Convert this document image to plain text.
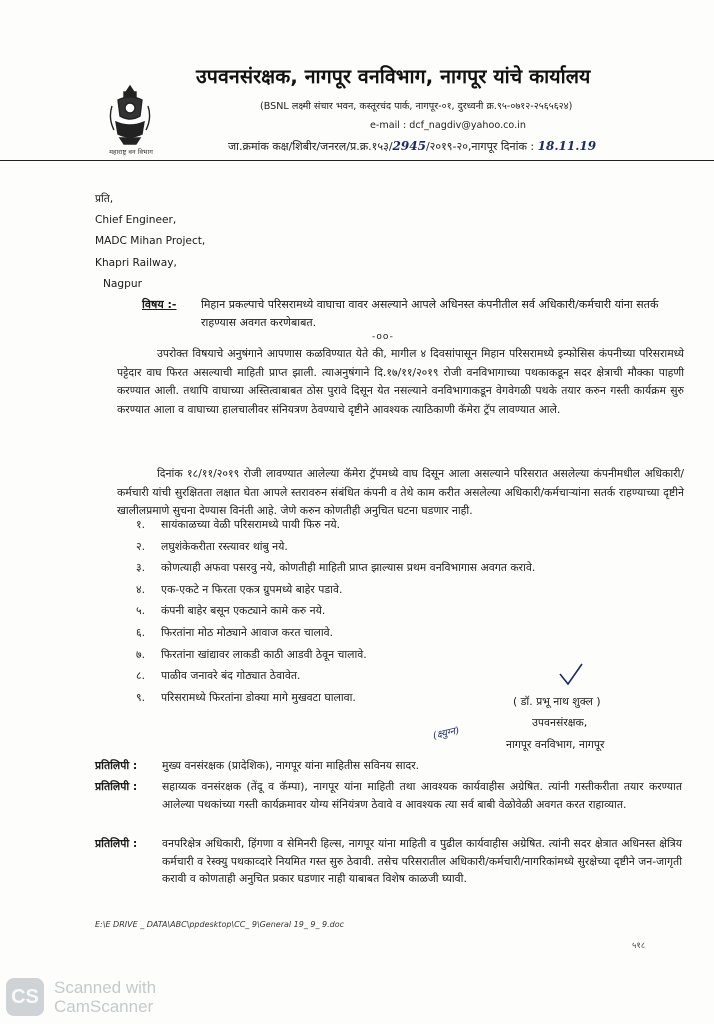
महाराष्ट्र वन विभाग
उपवनसंरक्षक, नागपूर वनविभाग, नागपूर यांचे कार्यालय
(BSNL लक्ष्मी संचार भवन, कस्तूरचंद पार्क, नागपूर-०१, दुरध्वनी क्र.९५-०७१२-२५६५६२४)
e-mail : dcf_nagdiv@yahoo.co.in
जा.क्रमांक कक्ष/शिबीर/जनरल/प्र.क्र.१५३/2945/२०१९-२०,नागपूर दिनांक : 18.11.19
प्रति,
Chief Engineer,
MADC Mihan Project,
Khapri Railway,
Nagpur
विषय :- मिहान प्रकल्पाचे परिसरामध्ये वाघाचा वावर असल्याने आपले अधिनस्त कंपनीतील सर्व अधिकारी/कर्मचारी यांना सतर्क राहण्यास अवगत करणेबाबत.
-oo-
उपरोक्त विषयाचे अनुषंगाने आपणास कळविण्यात येते की, मागील ४ दिवसांपासून मिहान परिसरामध्ये इन्फोसिस कंपनीच्या परिसरामध्ये पट्टेदार वाघ फिरत असल्याची माहिती प्राप्त झाली. त्याअनुषंगाने दि.१७/११/२०१९ रोजी वनविभागाच्या पथकाकडून सदर क्षेत्राची मौक्का पाहणी करण्यात आली. तथापि वाघाच्या अस्तित्वाबाबत ठोस पुरावे दिसून येत नसल्याने वनविभागाकडून वेगवेगळी पथके तयार करुन गस्ती कार्यक्रम सुरु करण्यात आला व वाघाच्या हालचालीवर संनियत्रण ठेवण्याचे दृष्टीने आवश्यक त्याठिकाणी कॅमेरा ट्रॅप लावण्यात आले.
दिनांक १८/११/२०१९ रोजी लावण्यात आलेल्या कॅमेरा ट्रॅपमध्ये वाघ दिसून आला असल्याने परिसरात असलेल्या कंपनीमधील अधिकारी/कर्मचारी यांची सुरक्षितता लक्षात घेता आपले स्तरावरुन संबंधित कंपनी व तेथे काम करीत असलेल्या अधिकारी/कर्मचाऱ्यांना सतर्क राहण्याच्या दृष्टीने खालीलप्रमाणे सुचना देण्यास विनंती आहे. जेणे करुन कोणतीही अनुचित घटना घडणार नाही.
१. सायंकाळच्या वेळी परिसरामध्ये पायी फिरु नये.
२. लघुशंकेकरीता रस्त्यावर थांबु नये.
३. कोणत्याही अफवा पसरवु नये, कोणतीही माहिती प्राप्त झाल्यास प्रथम वनविभागास अवगत करावे.
४. एक-एकटे न फिरता एकत्र ग्रुपमध्ये बाहेर पडावे.
५. कंपनी बाहेर बसून एकट्याने कामे करु नये.
६. फिरतांना मोठ मोठ्याने आवाज करत चालावे.
७. फिरतांना खांद्यावर लाकडी काठी आडवी ठेवून चालावे.
८. पाळीव जनावरे बंद गोठ्यात ठेवावेत.
९. परिसरामध्ये फिरतांना डोक्या मागे मुखवटा घालावा.	( डॉ. प्रभू नाथ शुक्ल )
उपवनसंरक्षक,
नागपूर वनविभाग, नागपूर
(क्ष्युग्न)
प्रतिलिपी : मुख्य वनसंरक्षक (प्रादेशिक), नागपूर यांना माहितीस सविनय सादर.
प्रतिलिपी : सहाय्यक वनसंरक्षक (तेंदू व कॅम्पा), नागपूर यांना माहिती तथा आवश्यक कार्यवाहीस अग्रेषित. त्यांनी गस्तीकरीता तयार करण्यात आलेल्या पथकांच्या गस्ती कार्यक्रमावर योग्य संनियंत्रण ठेवावे व आवश्यक त्या सर्व बाबी वेळोवेळी अवगत करत राहाव्यात.
प्रतिलिपी : वनपरिक्षेत्र अधिकारी, हिंगणा व सेमिनरी हिल्स, नागपूर यांना माहिती व पुढील कार्यवाहीस अग्रेषित. त्यांनी सदर क्षेत्रात अधिनस्त क्षेत्रिय कर्मचारी व रेस्क्यु पथकाव्दारे नियमित गस्त सुरु ठेवावी. तसेच परिसरातील अधिकारी/कर्मचारी/नागरिकांमध्ये सुरक्षेच्या दृष्टीने जन-जागृती करावी व कोणताही अनुचित प्रकार घडणार नाही याबाबत विशेष काळजी घ्यावी.
E:\E DRIVE _ DATA\ABC\ppdesktop\CC_ 9\General 19_ 9_ 9.doc
५१८
CS Scanned with
CamScanner
